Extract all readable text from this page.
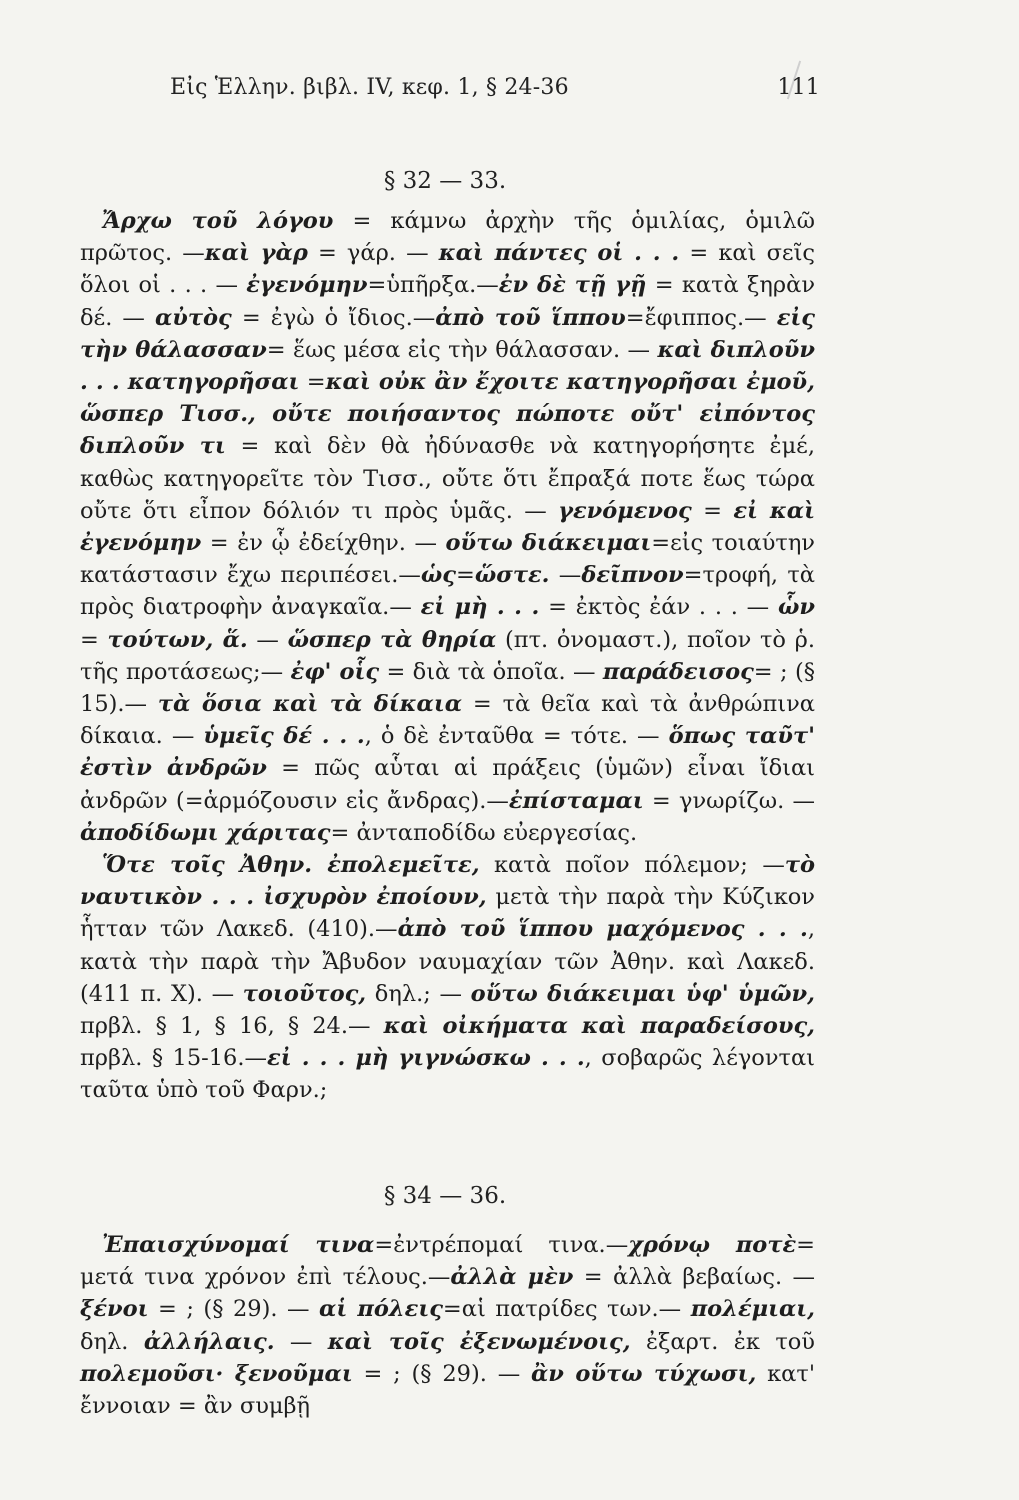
Εἰς Ἑλλην. βιβλ. IV, κεφ. 1, § 24-36	111
§ 32 — 33.

Ἄρχω τοῦ λόγου = κάμνω ἀρχὴν τῆς ὁμιλίας, ὁμιλῶ πρῶτος. —καὶ γὰρ = γάρ. — καὶ πάντες οἱ . . . = καὶ σεῖς ὅλοι οἱ . . . — ἐγενόμην=ὑπῆρξα.—ἐν δὲ τῇ γῇ = κατὰ ξηρὰν δέ. — αὐτὸς = ἐγὼ ὁ ἴδιος.—ἀπὸ τοῦ ἵππου=ἔφιππος.— εἰς τὴν θάλασσαν= ἕως μέσα εἰς τὴν θάλασσαν. — καὶ διπλοῦν . . . κατηγορῆσαι =καὶ οὐκ ἂν ἔχοιτε κατηγορῆσαι ἐμοῦ, ὥσπερ Τισσ., οὔτε ποιήσαντος πώποτε οὔτ' εἰπόντος διπλοῦν τι = καὶ δὲν θὰ ἠδύνασθε νὰ κατηγορήσητε ἐμέ, καθὼς κατηγορεῖτε τὸν Τισσ., οὔτε ὅτι ἔπραξά ποτε ἕως τώρα οὔτε ὅτι εἶπον δόλιόν τι πρὸς ὑμᾶς. — γενόμενος = εἰ καὶ ἐγενόμην = ἐν ᾧ ἐδείχθην. — οὕτω διάκειμαι=εἰς τοιαύτην κατάστασιν ἔχω περιπέσει.—ὡς=ὥστε. —δεῖπνον=τροφή, τὰ πρὸς διατροφὴν ἀναγκαῖα.— εἰ μὴ . . . = ἐκτὸς ἐάν . . . — ὧν = τούτων, ἅ. — ὥσπερ τὰ θηρία (πτ. ὀνομαστ.), ποῖον τὸ ῥ. τῆς προτάσεως;— ἐφ' οἷς = διὰ τὰ ὁποῖα. — παράδεισος= ; (§ 15).— τὰ ὅσια καὶ τὰ δίκαια = τὰ θεῖα καὶ τὰ ἀνθρώπινα δίκαια. — ὑμεῖς δέ . . ., ὁ δὲ ἐνταῦθα = τότε. — ὅπως ταῦτ' ἐστὶν ἀνδρῶν = πῶς αὗται αἱ πράξεις (ὑμῶν) εἶναι ἴδιαι ἀνδρῶν (=ἁρμόζουσιν εἰς ἄνδρας).—ἐπίσταμαι = γνωρίζω. —ἀποδίδωμι χάριτας= ἀνταποδίδω εὐεργεσίας.

Ὅτε τοῖς Ἀθην. ἐπολεμεῖτε, κατὰ ποῖον πόλεμον; —τὸ ναυτικὸν . . . ἰσχυρὸν ἐποίουν, μετὰ τὴν παρὰ τὴν Κύζικον ἧτταν τῶν Λακεδ. (410).—ἀπὸ τοῦ ἵππου μαχόμενος . . ., κατὰ τὴν παρὰ τὴν Ἄβυδον ναυμαχίαν τῶν Ἀθην. καὶ Λακεδ. (411 π. Χ). — τοιοῦτος, δηλ.; — οὕτω διάκειμαι ὑφ' ὑμῶν, πρβλ. § 1, § 16, § 24.— καὶ οἰκήματα καὶ παραδείσους, πρβλ. § 15-16.—εἰ . . . μὴ γιγνώσκω . . ., σοβαρῶς λέγονται ταῦτα ὑπὸ τοῦ Φαρν.;

§ 34 — 36.

Ἐπαισχύνομαί τινα=ἐντρέπομαί τινα.—χρόνῳ ποτὲ= μετά τινα χρόνον ἐπὶ τέλους.—ἀλλὰ μὲν = ἀλλὰ βεβαίως. — ξένοι = ; (§ 29). — αἱ πόλεις=αἱ πατρίδες των.— πολέμιαι, δηλ. ἀλλήλαις. — καὶ τοῖς ἐξενωμένοις, ἐξαρτ. ἐκ τοῦ πολεμοῦσι· ξενοῦμαι = ; (§ 29). — ἂν οὕτω τύχωσι, κατ' ἔννοιαν = ἂν συμβῇ
